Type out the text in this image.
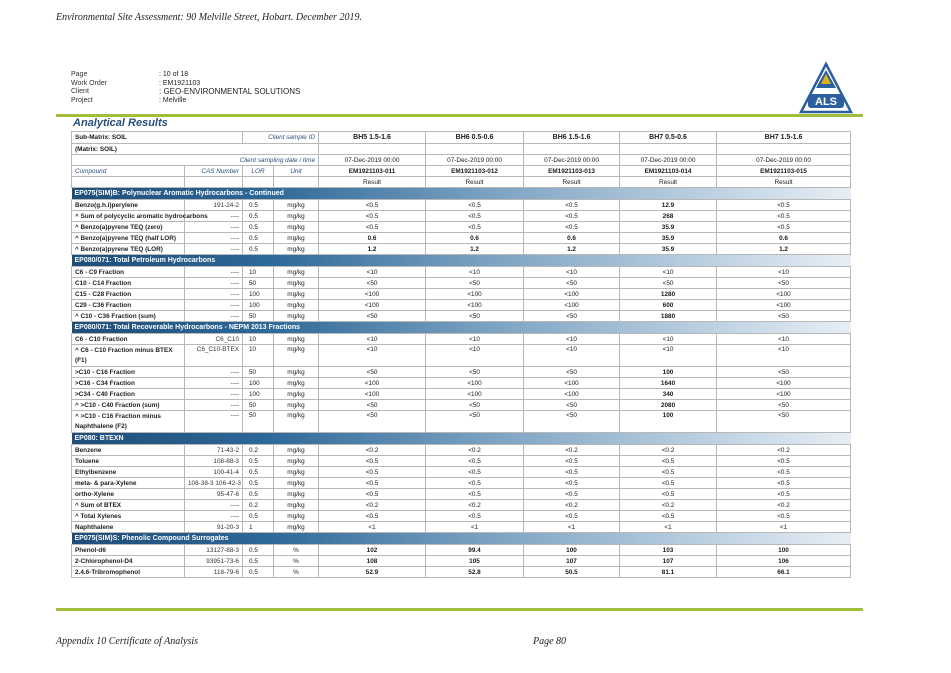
Environmental Site Assessment: 90 Melville Street, Hobart. December 2019.
Page	: 10 of 18
Work Order	: EM1921103
Client	: GEO-ENVIRONMENTAL SOLUTIONS
Project	: Melville	ALS
Analytical Results
Sub-Matrix: SOIL		Client sample ID		BH5 1.5-1.6	BH6 0.5-0.6	BH6 1.5-1.6	BH7 0.5-0.6	BH7 1.5-1.6
(Matrix: SOIL)								
Client sampling date / time				07-Dec-2019 00:00	07-Dec-2019 00:00	07-Dec-2019 00:00	07-Dec-2019 00:00	07-Dec-2019 00:00
Compound	CAS Number	LOR	Unit	EM1921103-011	EM1921103-012	EM1921103-013	EM1921103-014	EM1921103-015
				Result	Result	Result	Result	Result
EP075(SIM)B: Polynuclear Aromatic Hydrocarbons - Continued								
Benzo(g.h.i)perylene	191-24-2	0.5	mg/kg	<0.5	<0.5	<0.5	12.9	<0.5
^ Sum of polycyclic aromatic hydrocarbons	----	0.5	mg/kg	<0.5	<0.5	<0.5	268	<0.5
^ Benzo(a)pyrene TEQ (zero)	----	0.5	mg/kg	<0.5	<0.5	<0.5	35.9	<0.5
^ Benzo(a)pyrene TEQ (half LOR)	----	0.5	mg/kg	0.6	0.6	0.6	35.9	0.6
^ Benzo(a)pyrene TEQ (LOR)	----	0.5	mg/kg	1.2	1.2	1.2	35.9	1.2
EP080/071: Total Petroleum Hydrocarbons								
C6 - C9 Fraction	----	10	mg/kg	<10	<10	<10	<10	<10
C10 - C14 Fraction	----	50	mg/kg	<50	<50	<50	<50	<50
C15 - C28 Fraction	----	100	mg/kg	<100	<100	<100	1280	<100
C29 - C36 Fraction	----	100	mg/kg	<100	<100	<100	600	<100
^ C10 - C36 Fraction (sum)	----	50	mg/kg	<50	<50	<50	1880	<50
EP080/071: Total Recoverable Hydrocarbons - NEPM 2013 Fractions								
C6 - C10 Fraction	C6_C10	10	mg/kg	<10	<10	<10	<10	<10
^ C6 - C10 Fraction minus BTEX (F1)	C6_C10-BTEX	10	mg/kg	<10	<10	<10	<10	<10
>C10 - C16 Fraction	----	50	mg/kg	<50	<50	<50	100	<50
>C16 - C34 Fraction	----	100	mg/kg	<100	<100	<100	1640	<100
>C34 - C40 Fraction	----	100	mg/kg	<100	<100	<100	340	<100
^ >C10 - C40 Fraction (sum)	----	50	mg/kg	<50	<50	<50	2080	<50
^ >C10 - C16 Fraction minus Naphthalene (F2)	----	50	mg/kg	<50	<50	<50	100	<50
EP080: BTEXN								
Benzene	71-43-2	0.2	mg/kg	<0.2	<0.2	<0.2	<0.2	<0.2
Toluene	108-88-3	0.5	mg/kg	<0.5	<0.5	<0.5	<0.5	<0.5
Ethylbenzene	100-41-4	0.5	mg/kg	<0.5	<0.5	<0.5	<0.5	<0.5
meta- & para-Xylene	108-38-3 106-42-3	0.5	mg/kg	<0.5	<0.5	<0.5	<0.5	<0.5
ortho-Xylene	95-47-6	0.5	mg/kg	<0.5	<0.5	<0.5	<0.5	<0.5
^ Sum of BTEX	----	0.2	mg/kg	<0.2	<0.2	<0.2	<0.2	<0.2
^ Total Xylenes	----	0.5	mg/kg	<0.5	<0.5	<0.5	<0.5	<0.5
Naphthalene	91-20-3	1	mg/kg	<1	<1	<1	<1	<1
EP075(SIM)S: Phenolic Compound Surrogates								
Phenol-d6	13127-88-3	0.5	%	102	99.4	100	103	100
2-Chlorophenol-D4	93951-73-6	0.5	%	108	105	107	107	106
2.4.6-Tribromophenol	118-79-6	0.5	%	52.9	52.8	50.5	81.1	66.1
Appendix 10 Certificate of Analysis	Page 80
